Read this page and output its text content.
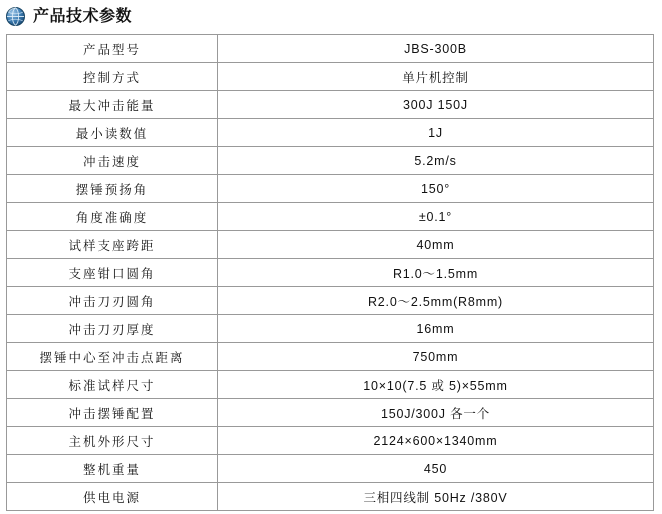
产品技术参数
产品型号	JBS-300B
控制方式	单片机控制
最大冲击能量	300J 150J
最小读数值	1J
冲击速度	5.2m/s
摆锤预扬角	150°
角度准确度	±0.1°
试样支座跨距	40mm
支座钳口圆角	R1.0～1.5mm
冲击刀刃圆角	R2.0～2.5mm(R8mm)
冲击刀刃厚度	16mm
摆锤中心至冲击点距离	750mm
标准试样尺寸	10×10(7.5 或 5)×55mm
冲击摆锤配置	150J/300J 各一个
主机外形尺寸	2124×600×1340mm
整机重量	450
供电电源	三相四线制 50Hz /380V
